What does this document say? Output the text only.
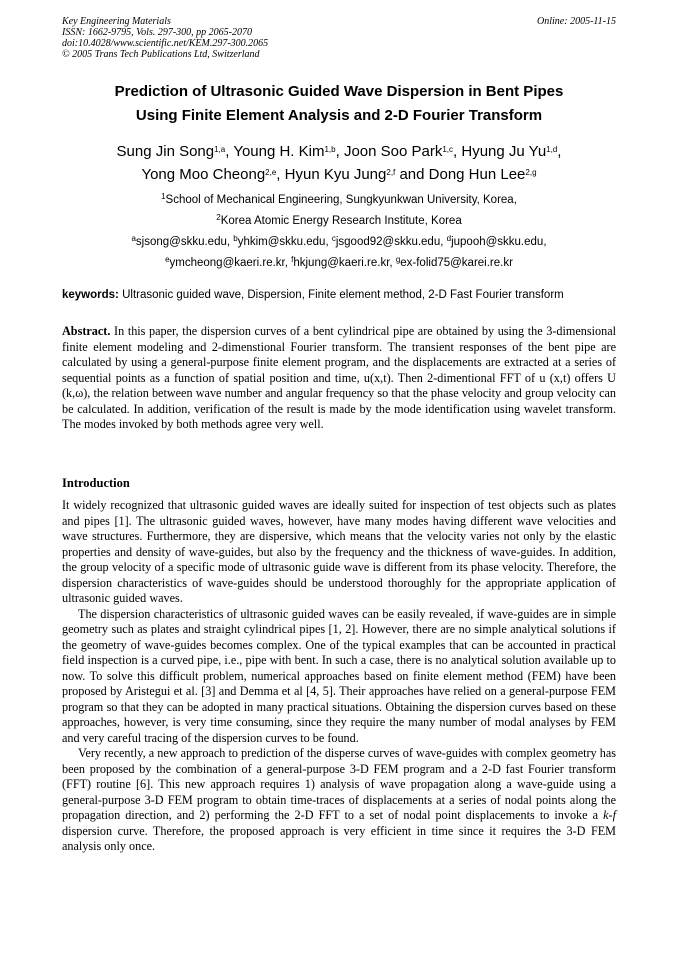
Key Engineering Materials
ISSN: 1662-9795, Vols. 297-300, pp 2065-2070
doi:10.4028/www.scientific.net/KEM.297-300.2065
© 2005 Trans Tech Publications Ltd, Switzerland
Online: 2005-11-15
Prediction of Ultrasonic Guided Wave Dispersion in Bent Pipes
Using Finite Element Analysis and 2-D Fourier Transform
Sung Jin Song$^{1,a}$, Young H. Kim$^{1,b}$, Joon Soo Park$^{1,c}$, Hyung Ju Yu$^{1,d}$,
Yong Moo Cheong$^{2,e}$, Hyun Kyu Jung$^{2,f}$ and Dong Hun Lee$^{2,g}$
$^1$School of Mechanical Engineering, Sungkyunkwan University, Korea,
$^2$Korea Atomic Energy Research Institute, Korea
$^a$sjsong@skku.edu, $^b$yhkim@skku.edu, $^c$jsgood92@skku.edu, $^d$jupooh@skku.edu,
$^e$ymcheong@kaeri.re.kr, $^f$hkjung@kaeri.re.kr, $^g$ex-folid75@karei.re.kr
keywords: Ultrasonic guided wave, Dispersion, Finite element method, 2-D Fast Fourier transform

Abstract. In this paper, the dispersion curves of a bent cylindrical pipe are obtained by using the 3-dimensional finite element modeling and 2-dimenstional Fourier transform. The transient responses of the bent pipe are calculated by using a general-purpose finite element program, and the displacements are extracted at a series of sequential points as a function of spatial position and time, u(x,t). Then 2-dimentional FFT of u (x,t) offers U (k,ω), the relation between wave number and angular frequency so that the phase velocity and group velocity can be calculated. In addition, verification of the result is made by the mode identification using wavelet transform. The modes invoked by both methods agree very well.

Introduction

It widely recognized that ultrasonic guided waves are ideally suited for inspection of test objects such as plates and pipes [1]. The ultrasonic guided waves, however, have many modes having different wave velocities and wave structures. Furthermore, they are dispersive, which means that the velocity varies not only by the elastic properties and density of wave-guides, but also by the frequency and the thickness of wave-guides. In addition, the group velocity of a specific mode of ultrasonic guide wave is different from its phase velocity. Therefore, the dispersion characteristics of wave-guides should be understood thoroughly for the appropriate application of ultrasonic guided waves.

The dispersion characteristics of ultrasonic guided waves can be easily revealed, if wave-guides are in simple geometry such as plates and straight cylindrical pipes [1, 2]. However, there are no simple analytical solutions if the geometry of wave-guides becomes complex. One of the typical examples that can be accounted in practical field inspection is a curved pipe, i.e., pipe with bent. In such a case, there is no analytical solution available up to now. To solve this difficult problem, numerical approaches based on finite element method (FEM) have been proposed by Aristegui et al. [3] and Demma et al [4, 5]. Their approaches have relied on a general-purpose FEM program so that they can be adopted in many practical situations. Obtaining the dispersion curves based on these approaches, however, is very time consuming, since they require the many number of modal analyses by FEM and very careful tracing of the dispersion curves to be found.

Very recently, a new approach to prediction of the disperse curves of wave-guides with complex geometry has been proposed by the combination of a general-purpose 3-D FEM program and a 2-D fast Fourier transform (FFT) routine [6]. This new approach requires 1) analysis of wave propagation along a wave-guide using a general-purpose 3-D FEM program to obtain time-traces of displacements at a series of nodal points along the propagation direction, and 2) performing the 2-D FFT to a set of nodal point displacements to invoke a k-f dispersion curve. Therefore, the proposed approach is very efficient in time since it requires the 3-D FEM analysis only once.
